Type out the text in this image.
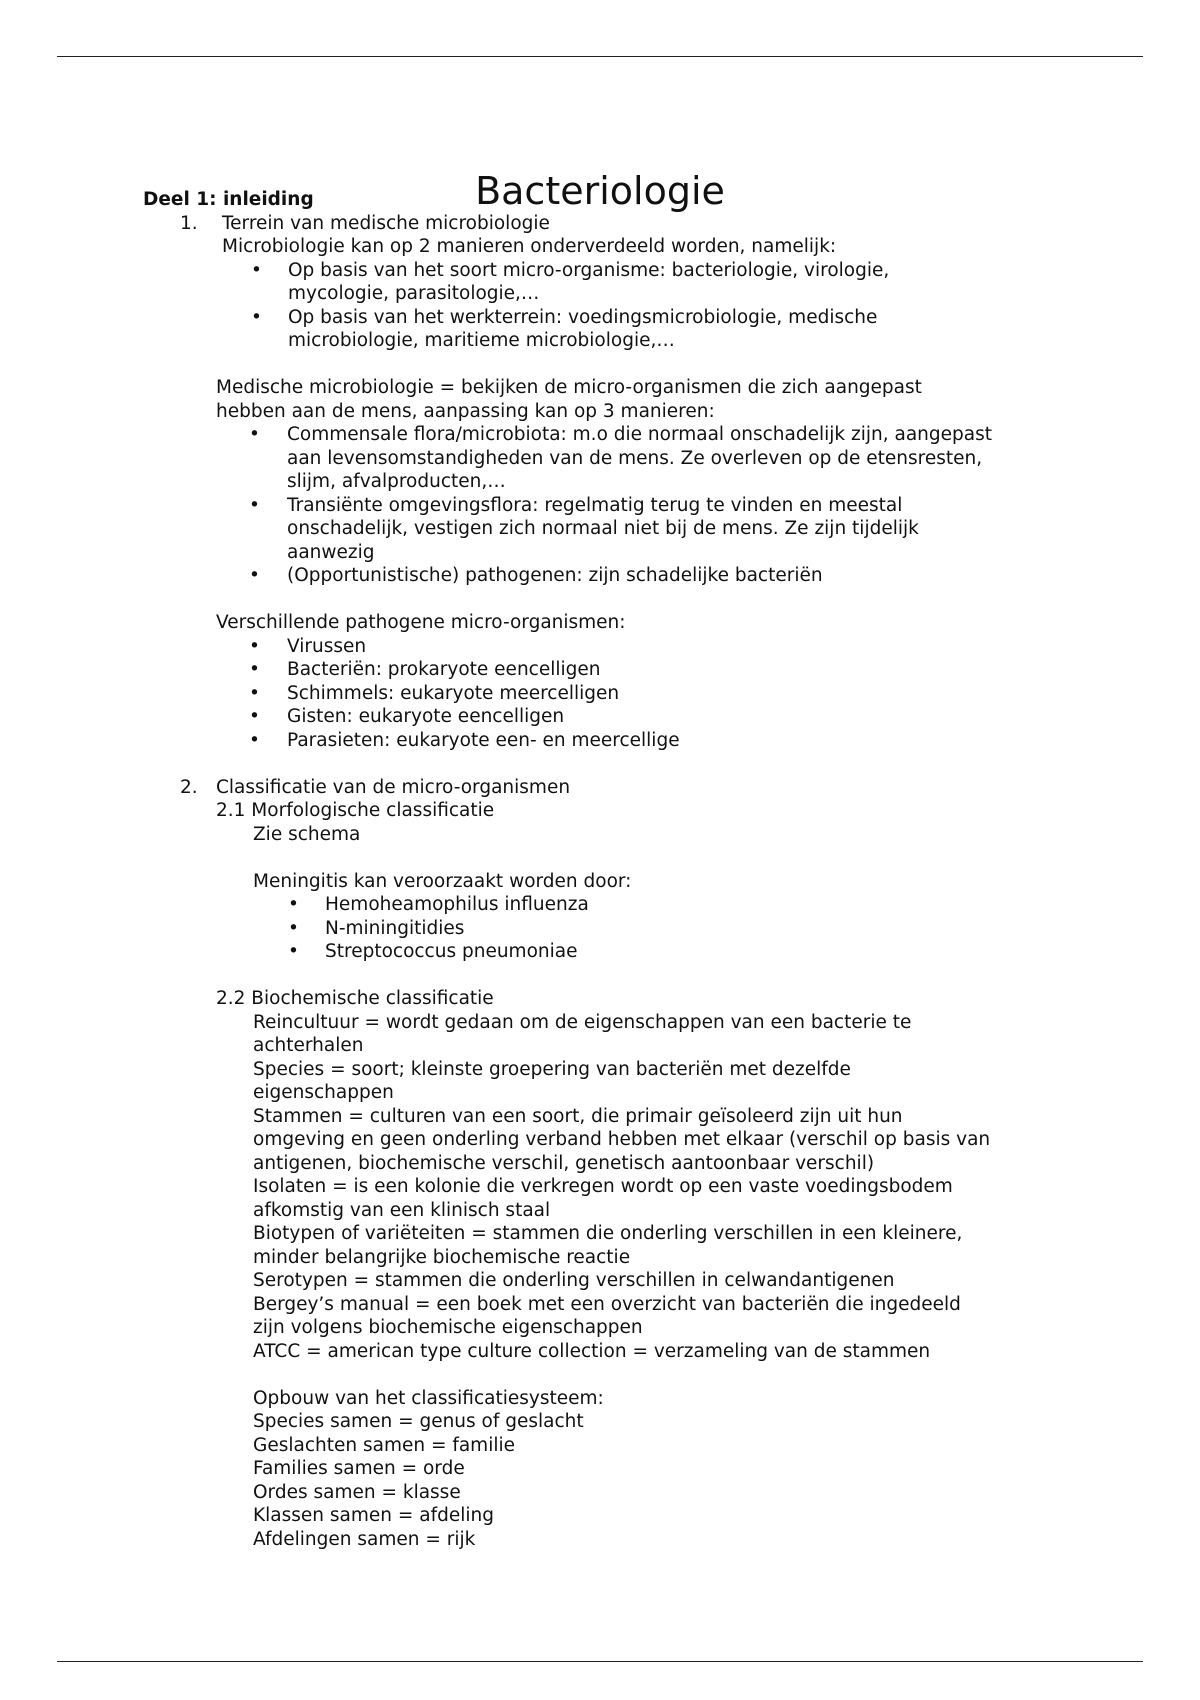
Bacteriologie
Deel 1: inleiding
1. Terrein van medische microbiologie
Microbiologie kan op 2 manieren onderverdeeld worden, namelijk:
• Op basis van het soort micro-organisme: bacteriologie, virologie,
mycologie, parasitologie,…
• Op basis van het werkterrein: voedingsmicrobiologie, medische
microbiologie, maritieme microbiologie,…
Medische microbiologie = bekijken de micro-organismen die zich aangepast
hebben aan de mens, aanpassing kan op 3 manieren:
• Commensale flora/microbiota: m.o die normaal onschadelijk zijn, aangepast
aan levensomstandigheden van de mens. Ze overleven op de etensresten,
slijm, afvalproducten,…
• Transiënte omgevingsflora: regelmatig terug te vinden en meestal
onschadelijk, vestigen zich normaal niet bij de mens. Ze zijn tijdelijk
aanwezig
• (Opportunistische) pathogenen: zijn schadelijke bacteriën
Verschillende pathogene micro-organismen:
• Virussen
• Bacteriën: prokaryote eencelligen
• Schimmels: eukaryote meercelligen
• Gisten: eukaryote eencelligen
• Parasieten: eukaryote een- en meercellige
2. Classificatie van de micro-organismen
2.1 Morfologische classificatie
Zie schema
Meningitis kan veroorzaakt worden door:
• Hemoheamophilus influenza
• N-miningitidies
• Streptococcus pneumoniae
2.2 Biochemische classificatie
Reincultuur = wordt gedaan om de eigenschappen van een bacterie te
achterhalen
Species = soort; kleinste groepering van bacteriën met dezelfde
eigenschappen
Stammen = culturen van een soort, die primair geïsoleerd zijn uit hun
omgeving en geen onderling verband hebben met elkaar (verschil op basis van
antigenen, biochemische verschil, genetisch aantoonbaar verschil)
Isolaten = is een kolonie die verkregen wordt op een vaste voedingsbodem
afkomstig van een klinisch staal
Biotypen of variëteiten = stammen die onderling verschillen in een kleinere,
minder belangrijke biochemische reactie
Serotypen = stammen die onderling verschillen in celwandantigenen
Bergey’s manual = een boek met een overzicht van bacteriën die ingedeeld
zijn volgens biochemische eigenschappen
ATCC = american type culture collection = verzameling van de stammen
Opbouw van het classificatiesysteem:
Species samen = genus of geslacht
Geslachten samen = familie
Families samen = orde
Ordes samen = klasse
Klassen samen = afdeling
Afdelingen samen = rijk
